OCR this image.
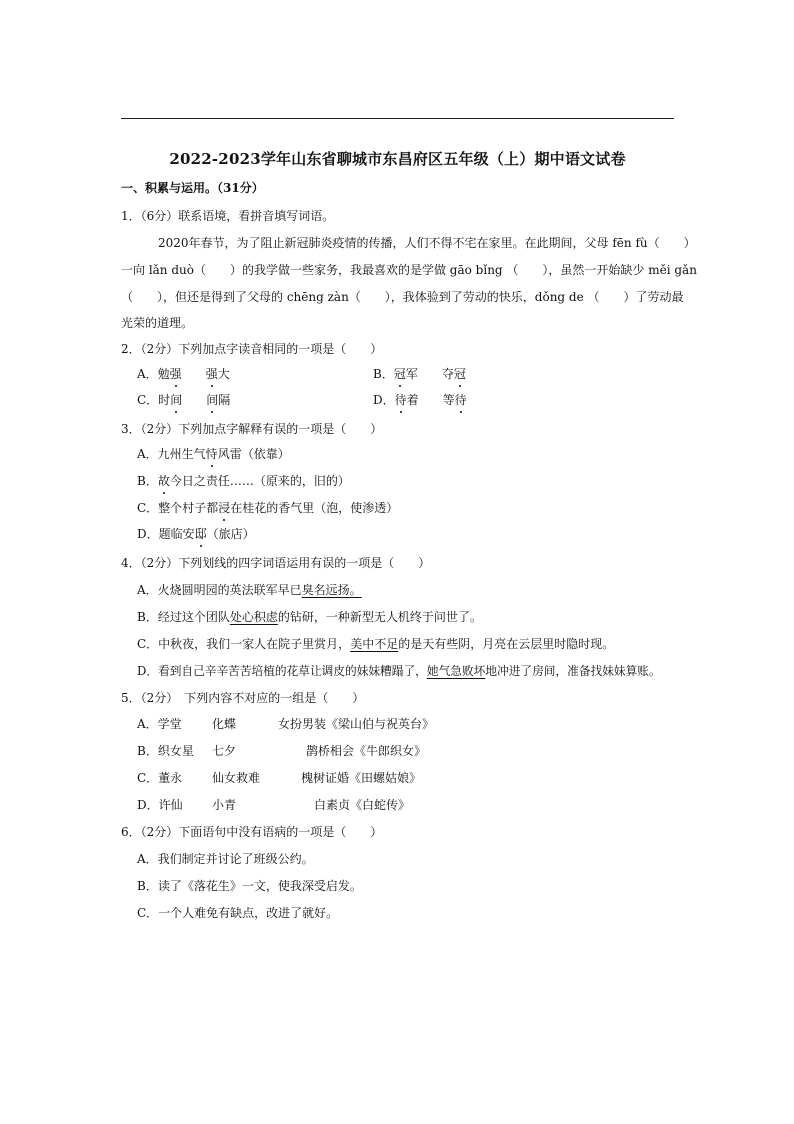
2022-2023学年山东省聊城市东昌府区五年级（上）期中语文试卷
一、积累与运用。（31分）
1．（6分）联系语境，看拼音填写词语。
2020年春节，为了阻止新冠肺炎疫情的传播，人们不得不宅在家里。在此期间，父母 fēn fù（　　）
一向 lǎn duò（　　）的我学做一些家务，我最喜欢的是学做 gāo bǐng （　　），虽然一开始缺少 měi gǎn
（　　），但还是得到了父母的 chēng zàn（　　），我体验到了劳动的快乐，dǒng de （　　）了劳动最
光荣的道理。
2．（2分）下列加点字读音相同的一项是（　　）
A．勉强　　 强大	B．冠军　　夺冠
C．时间　　 间隔	D．待着　　等待
3．（2分）下列加点字解释有误的一项是（　　）
A．九州生气恃风雷（依靠）
B．故今日之责任……（原来的，旧的）
C．整个村子都浸在桂花的香气里（泡，使渗透）
D．题临安邸（旅店）
4．（2分）下列划线的四字词语运用有误的一项是（　　）
A．火烧圆明园的英法联军早已臭名远扬。
B．经过这个团队处心积虑的钻研，一种新型无人机终于问世了。
C．中秋夜，我们一家人在院子里赏月，美中不足的是天有些阴，月亮在云层里时隐时现。
D．看到自己辛辛苦苦培植的花草让调皮的妹妹糟蹋了，她气急败坏地冲进了房间，准备找妹妹算账。
5．（2分）　下列内容不对应的一组是（　　）
A．学堂	化蝶	女扮男装《梁山伯与祝英台》
B．织女星 七夕	鹊桥相会《牛郎织女》
C．董永 仙女救难	槐树证婚《田螺姑娘》
D．许仙 小青	白素贞《白蛇传》
6．（2分）下面语句中没有语病的一项是（　　）
A．我们制定并讨论了班级公约。
B．读了《落花生》一文，使我深受启发。
C．一个人难免有缺点，改进了就好。
